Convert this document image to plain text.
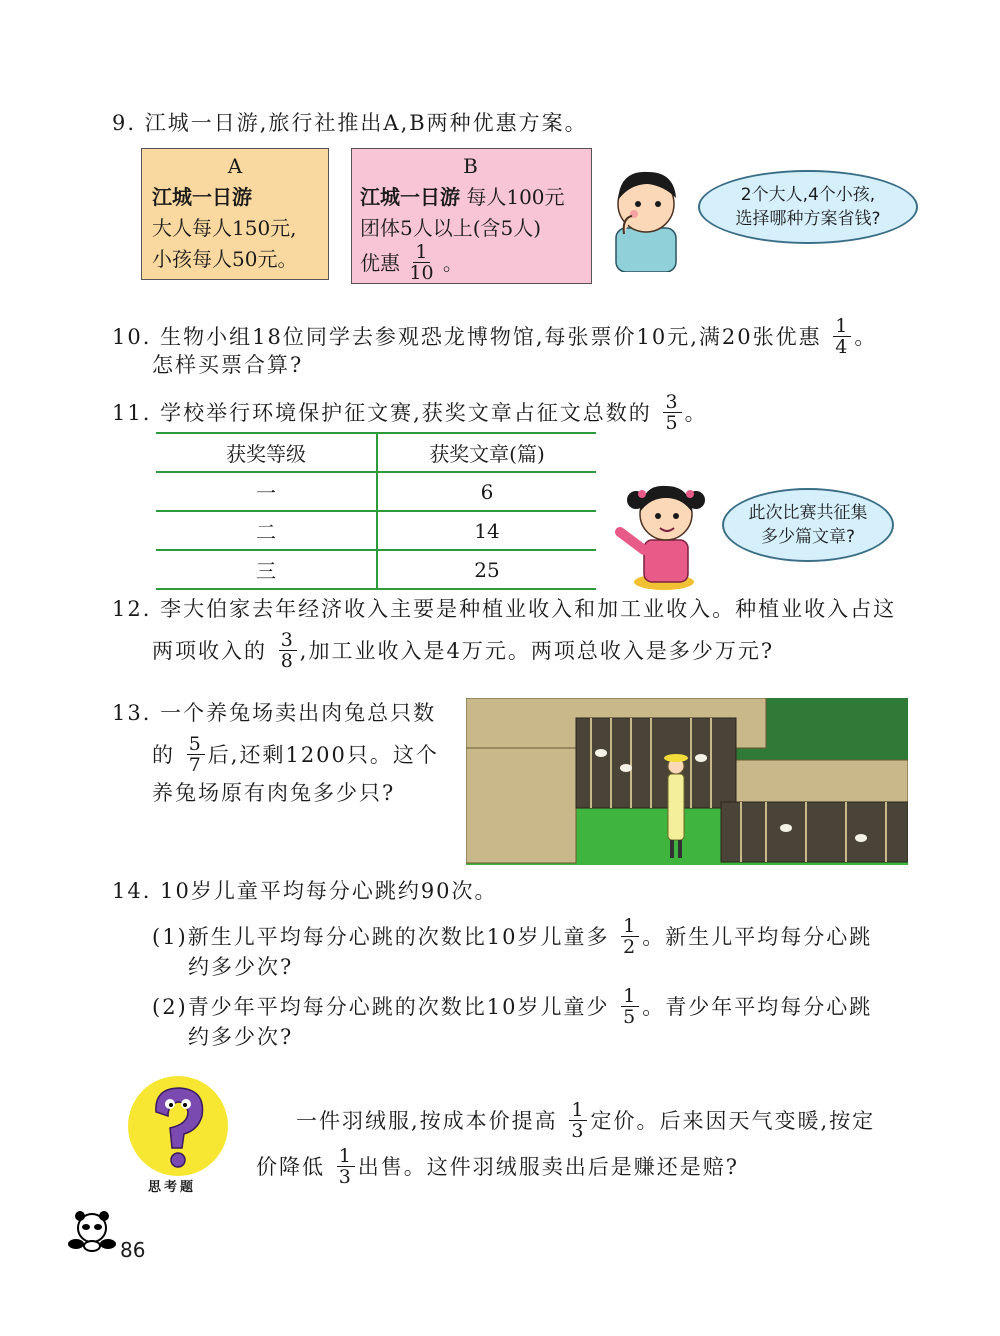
9. 江城一日游,旅行社推出A,B两种优惠方案。
A
江城一日游
大人每人150元,
小孩每人50元。
B
江城一日游 每人100元
团体5人以上(含5人)
优惠 $\frac{1}{10}$ 。
2个大人,4个小孩,
选择哪种方案省钱?
10. 生物小组18位同学去参观恐龙博物馆,每张票价10元,满20张优惠 $\frac{1}{4}$ 。
怎样买票合算?
11. 学校举行环境保护征文赛,获奖文章占征文总数的 $\frac{3}{5}$ 。
获奖等级	获奖文章(篇)
一	6
二	14
三	25
此次比赛共征集
多少篇文章?
12. 李大伯家去年经济收入主要是种植业收入和加工业收入。种植业收入占这
两项收入的 $\frac{3}{8}$ ,加工业收入是4万元。两项总收入是多少万元?
13. 一个养兔场卖出肉兔总只数
的 $\frac{5}{7}$ 后,还剩1200只。这个
养兔场原有肉兔多少只?
14. 10岁儿童平均每分心跳约90次。
(1)新生儿平均每分心跳的次数比10岁儿童多 $\frac{1}{2}$ 。新生儿平均每分心跳
约多少次?
(2)青少年平均每分心跳的次数比10岁儿童少 $\frac{1}{5}$ 。青少年平均每分心跳
约多少次?
思考题
一件羽绒服,按成本价提高 $\frac{1}{3}$ 定价。后来因天气变暖,按定
价降低 $\frac{1}{3}$ 出售。这件羽绒服卖出后是赚还是赔?
86
